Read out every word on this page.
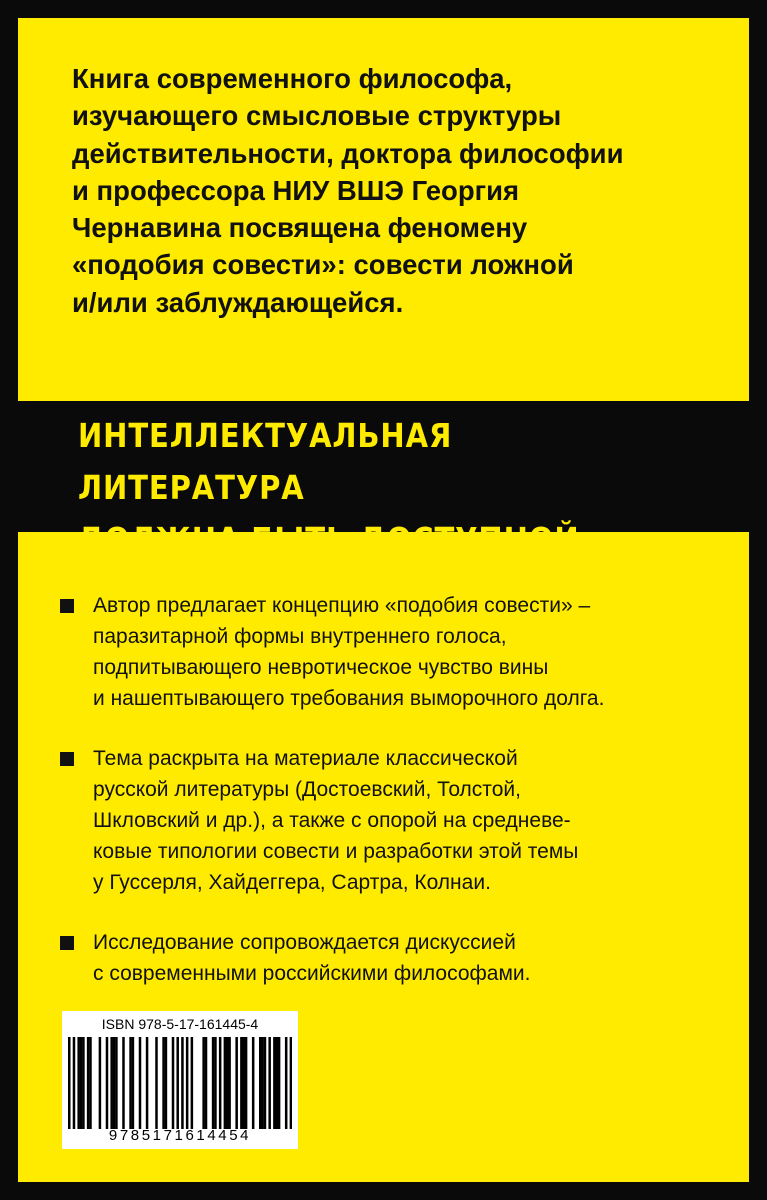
Книга современного философа,
изучающего смысловые структуры
действительности, доктора философии
и профессора НИУ ВШЭ Георгия
Чернавина посвящена феномену
«подобия совести»: совести ложной
и/или заблуждающейся.

ИНТЕЛЛЕКТУАЛЬНАЯ ЛИТЕРАТУРА

Автор предлагает концепцию «подобия совести» –
паразитарной формы внутреннего голоса,
подпитывающего невротическое чувство вины
и нашептывающего требования выморочного долга.
Тема раскрыта на материале классической
русской литературы (Достоевский, Толстой,
Шкловский и др.), а также с опорой на средневе-
ковые типологии совести и разработки этой темы
у Гуссерля, Хайдеггера, Сартра, Колнаи.
Исследование сопровождается дискуссией
с современными российскими философами.
ISBN 978-5-17-161445-4
9785171614454
